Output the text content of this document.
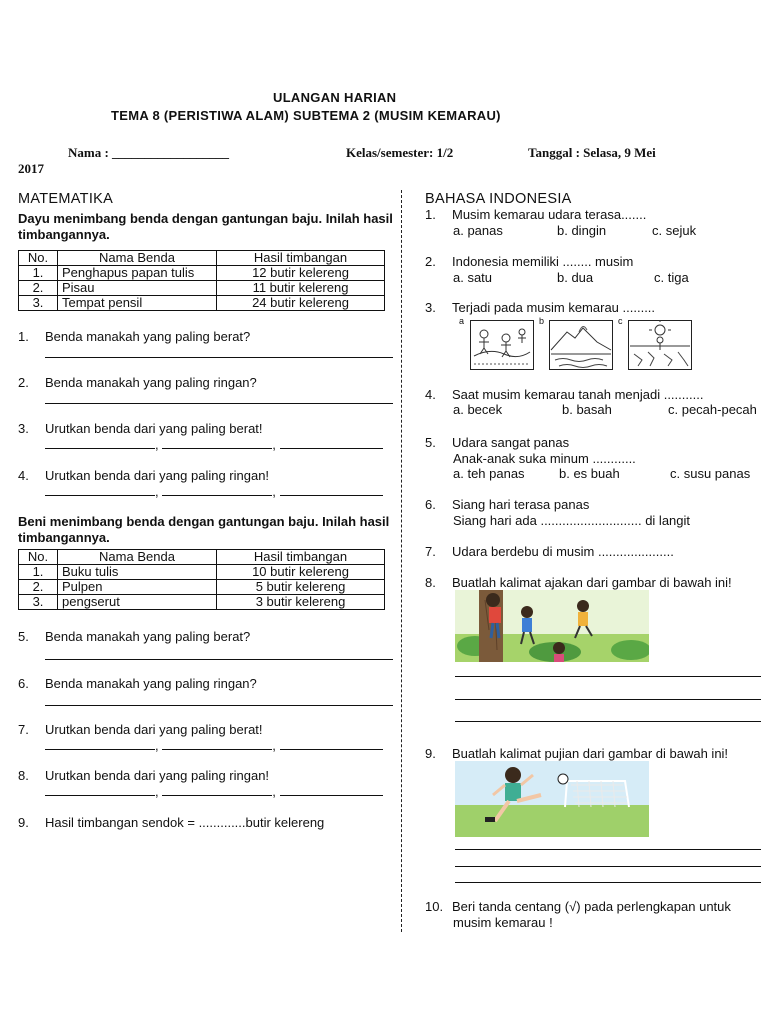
ULANGAN HARIAN
TEMA 8 (PERISTIWA ALAM) SUBTEMA 2 (MUSIM KEMARAU)
Nama : __________________	Kelas/semester: 1/2	Tanggal : Selasa, 9 Mei
2017
MATEMATIKA
Dayu menimbang benda dengan gantungan baju. Inilah hasil timbangannya.
No.	Nama Benda	Hasil timbangan
1.	Penghapus papan tulis	12 butir kelereng
2.	Pisau	11 butir kelereng
3.	Tempat pensil	24 butir kelereng
1. Benda manakah yang paling berat?
2. Benda manakah yang paling ringan?
3. Urutkan benda dari yang paling berat!
,	,
4. Urutkan benda dari yang paling ringan!
,	,
Beni menimbang benda dengan gantungan baju. Inilah hasil timbangannya.
No.	Nama Benda	Hasil timbangan
1.	Buku tulis	10 butir kelereng
2.	Pulpen	5 butir kelereng
3.	pengserut	3 butir kelereng
5. Benda manakah yang paling berat?
6. Benda manakah yang paling ringan?
7. Urutkan benda dari yang paling berat!
,	,
8. Urutkan benda dari yang paling ringan!
,	,
9. Hasil timbangan sendok = .............butir kelereng
BAHASA INDONESIA
1. Musim kemarau udara terasa.......
a. panas	b. dingin	c. sejuk
2. Indonesia memiliki ........ musim
a. satu	b. dua	c. tiga
3. Terjadi pada musim kemarau .........
a	b	c
4. Saat musim kemarau tanah menjadi ...........
a. becek	b. basah	c. pecah-pecah
5. Udara sangat panas
Anak-anak suka minum ............
a. teh panas	b. es buah	c. susu panas
6. Siang hari terasa panas
Siang hari ada ............................ di langit
7. Udara berdebu di musim .....................
8. Buatlah kalimat ajakan dari gambar di bawah ini!
9. Buatlah kalimat pujian dari gambar di bawah ini!
10. Beri tanda centang (√) pada perlengkapan untuk
musim kemarau !
